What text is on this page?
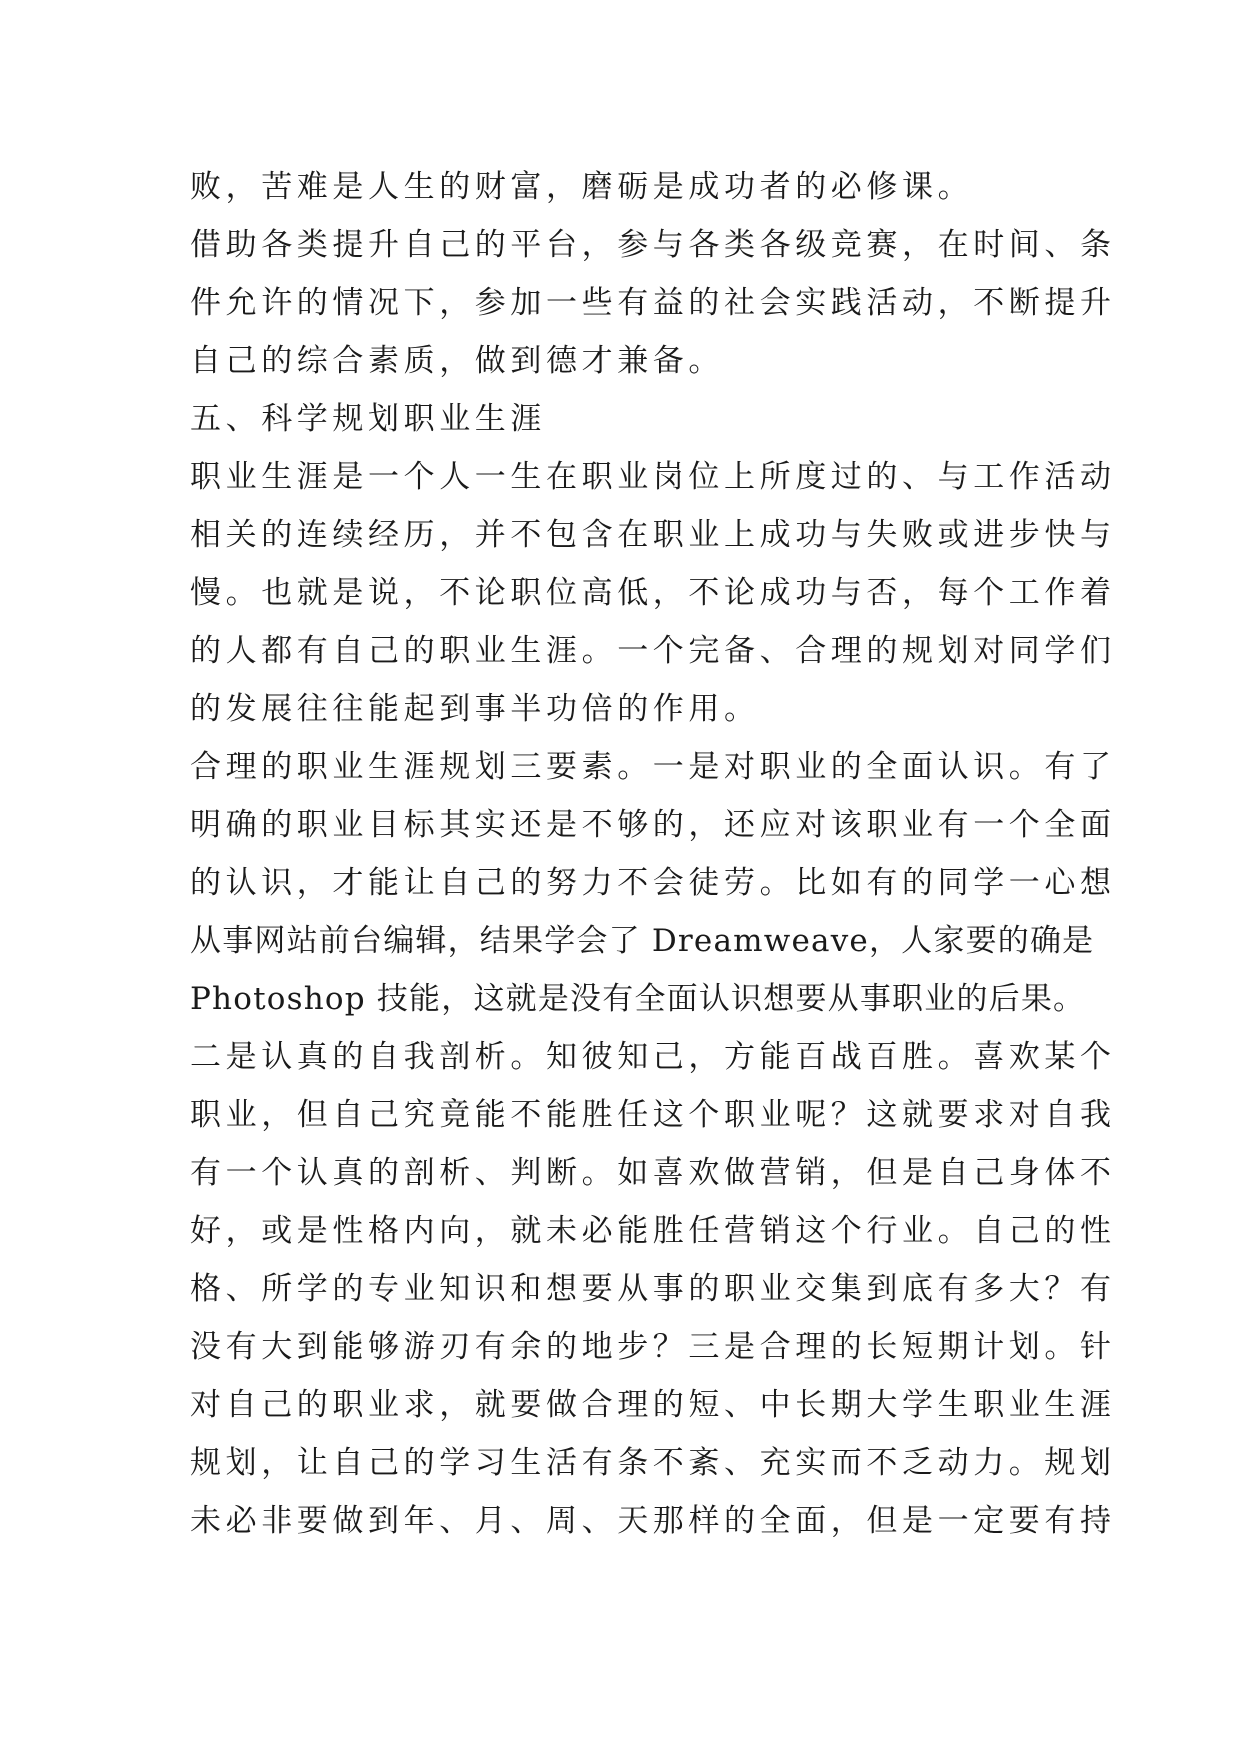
败，苦难是人生的财富，磨砺是成功者的必修课。
借助各类提升自己的平台，参与各类各级竞赛，在时间、条
件允许的情况下，参加一些有益的社会实践活动，不断提升
自己的综合素质，做到德才兼备。
五、科学规划职业生涯
职业生涯是一个人一生在职业岗位上所度过的、与工作活动
相关的连续经历，并不包含在职业上成功与失败或进步快与
慢。也就是说，不论职位高低，不论成功与否，每个工作着
的人都有自己的职业生涯。一个完备、合理的规划对同学们
的发展往往能起到事半功倍的作用。
合理的职业生涯规划三要素。一是对职业的全面认识。有了
明确的职业目标其实还是不够的，还应对该职业有一个全面
的认识，才能让自己的努力不会徒劳。比如有的同学一心想
从事网站前台编辑，结果学会了 Dreamweave，人家要的确是
Photoshop 技能，这就是没有全面认识想要从事职业的后果。
二是认真的自我剖析。知彼知己，方能百战百胜。喜欢某个
职业，但自己究竟能不能胜任这个职业呢？这就要求对自我
有一个认真的剖析、判断。如喜欢做营销，但是自己身体不
好，或是性格内向，就未必能胜任营销这个行业。自己的性
格、所学的专业知识和想要从事的职业交集到底有多大？有
没有大到能够游刃有余的地步？三是合理的长短期计划。针
对自己的职业求，就要做合理的短、中长期大学生职业生涯
规划，让自己的学习生活有条不紊、充实而不乏动力。规划
未必非要做到年、月、周、天那样的全面，但是一定要有持
